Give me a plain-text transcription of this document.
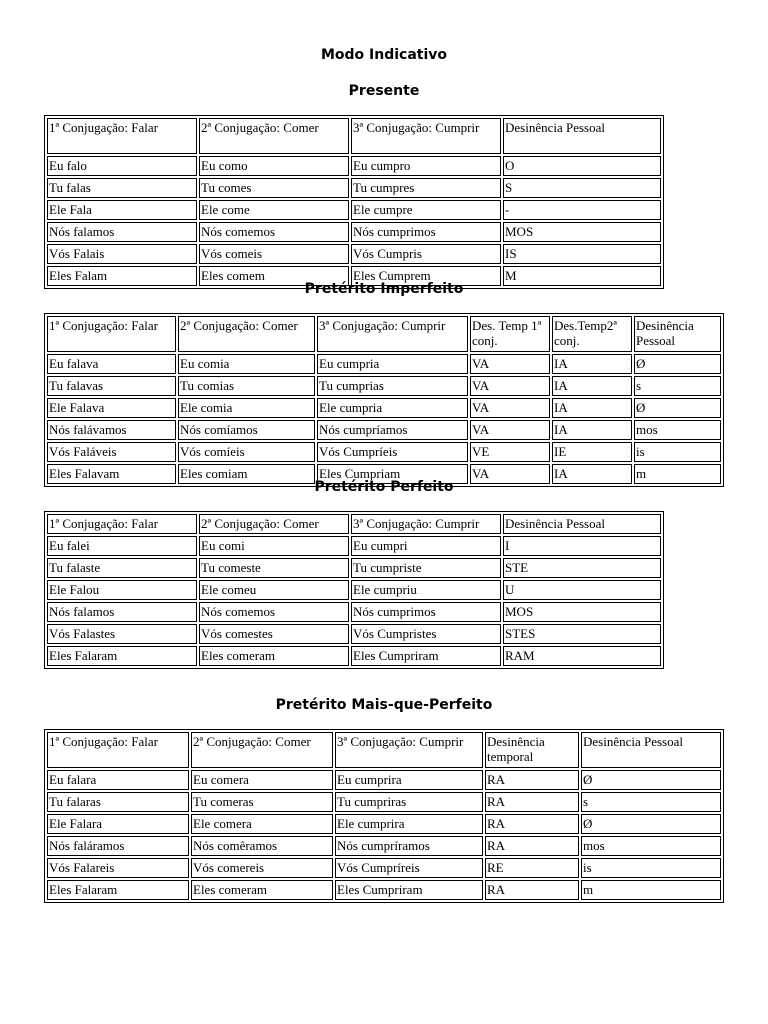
Modo Indicativo
Presente
1ª Conjugação: Falar	2ª Conjugação: Comer	3ª Conjugação: Cumprir	Desinência Pessoal
Eu falo	Eu como	Eu cumpro	O
Tu falas	Tu comes	Tu cumpres	S
Ele Fala	Ele come	Ele cumpre	-
Nós falamos	Nós comemos	Nós cumprimos	MOS
Vós Falais	Vós comeis	Vós Cumpris	IS
Eles Falam	Eles comem	Eles Cumprem	M
Pretérito Imperfeito
1ª Conjugação: Falar	2ª Conjugação: Comer	3ª Conjugação: Cumprir	Des. Temp 1ª conj.	Des.Temp2ª conj.	Desinência Pessoal
Eu falava	Eu comia	Eu cumpria	VA	IA	Ø
Tu falavas	Tu comias	Tu cumprias	VA	IA	s
Ele Falava	Ele comia	Ele cumpria	VA	IA	Ø
Nós falávamos	Nós comíamos	Nós cumpríamos	VA	IA	mos
Vós Faláveis	Vós comíeis	Vós Cumpríeis	VE	IE	is
Eles Falavam	Eles comiam	Eles Cumpriam	VA	IA	m
Pretérito Perfeito
1ª Conjugação: Falar	2ª Conjugação: Comer	3ª Conjugação: Cumprir	Desinência Pessoal
Eu falei	Eu comi	Eu cumpri	I
Tu falaste	Tu comeste	Tu cumpriste	STE
Ele Falou	Ele comeu	Ele cumpriu	U
Nós falamos	Nós comemos	Nós cumprimos	MOS
Vós Falastes	Vós comestes	Vós Cumpristes	STES
Eles Falaram	Eles comeram	Eles Cumpriram	RAM
Pretérito Mais-que-Perfeito
1ª Conjugação: Falar	2ª Conjugação: Comer	3ª Conjugação: Cumprir	Desinência temporal	Desinência Pessoal
Eu falara	Eu comera	Eu cumprira	RA	Ø
Tu falaras	Tu comeras	Tu cumpriras	RA	s
Ele Falara	Ele comera	Ele cumprira	RA	Ø
Nós faláramos	Nós comêramos	Nós cumpríramos	RA	mos
Vós Falareis	Vós comereis	Vós Cumpríreis	RE	is
Eles Falaram	Eles comeram	Eles Cumpriram	RA	m
